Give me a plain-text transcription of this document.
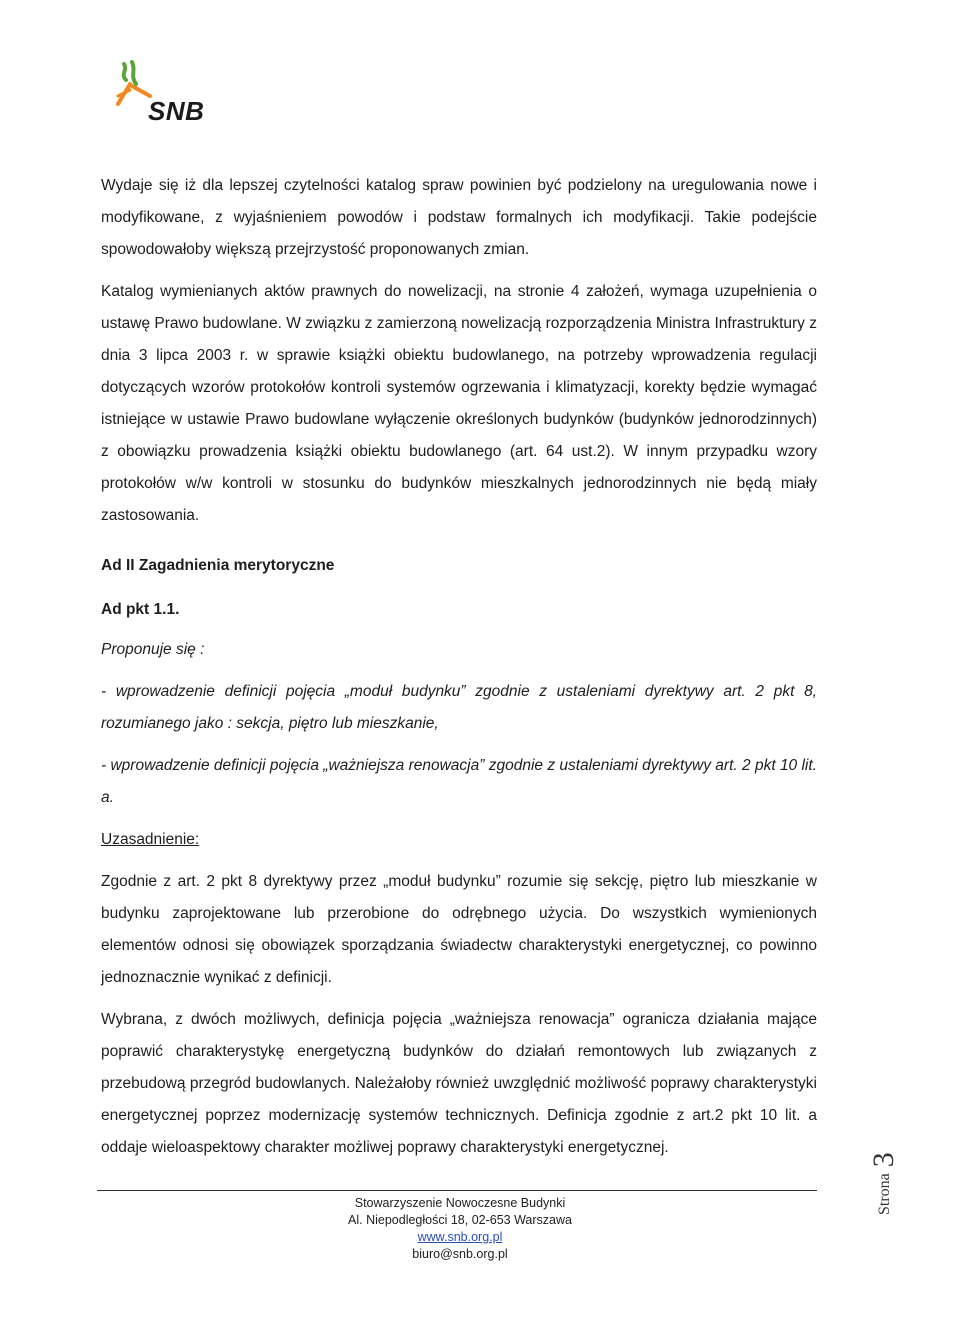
SNB

Wydaje się iż dla lepszej czytelności katalog spraw powinien być podzielony na uregulowania nowe i modyfikowane, z wyjaśnieniem powodów i podstaw formalnych ich modyfikacji. Takie podejście spowodowałoby większą przejrzystość proponowanych zmian.

Katalog wymienianych aktów prawnych do nowelizacji, na stronie 4 założeń, wymaga uzupełnienia o ustawę Prawo budowlane. W związku z zamierzoną nowelizacją rozporządzenia Ministra Infrastruktury z dnia 3 lipca 2003 r. w sprawie książki obiektu budowlanego, na potrzeby wprowadzenia regulacji dotyczących wzorów protokołów kontroli systemów ogrzewania i klimatyzacji, korekty będzie wymagać istniejące w ustawie Prawo budowlane wyłączenie określonych budynków (budynków jednorodzinnych) z obowiązku prowadzenia książki obiektu budowlanego (art. 64 ust.2). W innym przypadku wzory protokołów w/w kontroli w stosunku do budynków mieszkalnych jednorodzinnych nie będą miały zastosowania.

Ad II Zagadnienia merytoryczne
Ad pkt 1.1.

Proponuje się :

- wprowadzenie definicji pojęcia „moduł budynku” zgodnie z ustaleniami dyrektywy art. 2 pkt 8, rozumianego jako : sekcja, piętro lub mieszkanie,

- wprowadzenie definicji pojęcia „ważniejsza renowacja” zgodnie z ustaleniami dyrektywy art. 2 pkt 10 lit. a.

Uzasadnienie:

Zgodnie z art. 2 pkt 8 dyrektywy przez „moduł budynku” rozumie się sekcję, piętro lub mieszkanie w budynku zaprojektowane lub przerobione do odrębnego użycia. Do wszystkich wymienionych elementów odnosi się obowiązek sporządzania świadectw charakterystyki energetycznej, co powinno jednoznacznie wynikać z definicji.

Wybrana, z dwóch możliwych, definicja pojęcia „ważniejsza renowacja” ogranicza działania mające poprawić charakterystykę energetyczną budynków do działań remontowych lub związanych z przebudową przegród budowlanych. Należałoby również uwzględnić możliwość poprawy charakterystyki energetycznej poprzez modernizację systemów technicznych. Definicja zgodnie z art.2 pkt 10 lit. a oddaje wieloaspektowy charakter możliwej poprawy charakterystyki energetycznej.

Strona3
Stowarzyszenie Nowoczesne Budynki
Al. Niepodległości 18, 02-653 Warszawa
www.snb.org.pl
biuro@snb.org.pl
